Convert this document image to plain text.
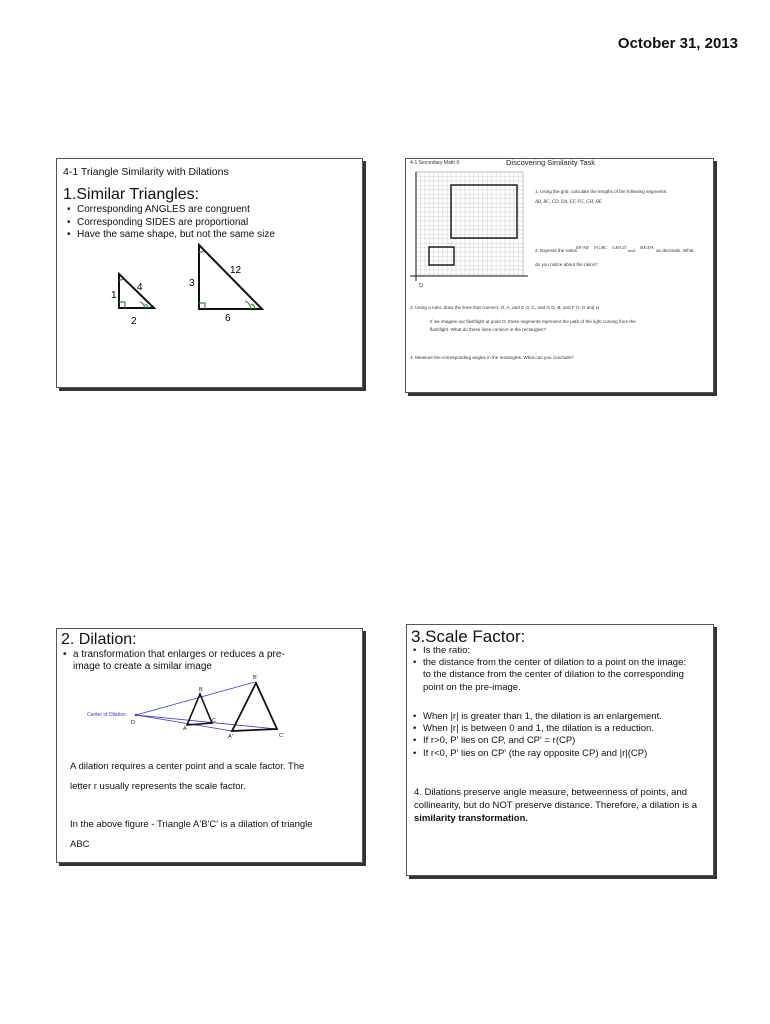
October 31, 2013
4-1 Triangle Similarity with Dilations
1.Similar Triangles:
• Corresponding ANGLES are congruent
• Corresponding SIDES are proportional
• Have the same shape, but not the same size
1
4
2
3
12
6
4-1 Secondary Math II	Discovering Similarity Task
O
1. Using the grid, calculate the lengths of the following segments:
AB, BC, CD, DA, EF, FG, GH, HE
2. Express the ratios
EF/AB FG/BC GH/CD
and
HE/DA
as decimals. What
do you notice about the ratios?
3. Using a ruler, draw the lines that connect: O, A, and E O, C, and G O, B, and F O, D and H
If we imagine our flashlight at point O, these segments represent the path of the light coming from the
flashlight. What do these lines connect in the rectangles?
4. Measure the corresponding angles in the rectangles. What can you conclude?
2. Dilation:
• a transformation that enlarges or reduces a pre-image to create a similar image
Center of Dilation
D
A
B
C
A'
B'
C'
A dilation requires a center point and a scale factor. The
letter r usually represents the scale factor.
In the above figure - Triangle A'B'C' is a dilation of triangle
ABC
3.Scale Factor:
• Is the ratio:
• the distance from the center of dilation to a point on the image: to the distance from the center of dilation to the corresponding point on the pre-image.
• When |r| is greater than 1, the dilation is an enlargement.
• When |r| is between 0 and 1, the dilation is a reduction.
• If r>0, P' lies on CP, and CP' = r(CP)
• If r<0, P' lies on CP' (the ray opposite CP) and |r|(CP)
4. Dilations preserve angle measure, betweenness of points, and collinearity, but do NOT preserve distance. Therefore, a dilation is a similarity transformation.
